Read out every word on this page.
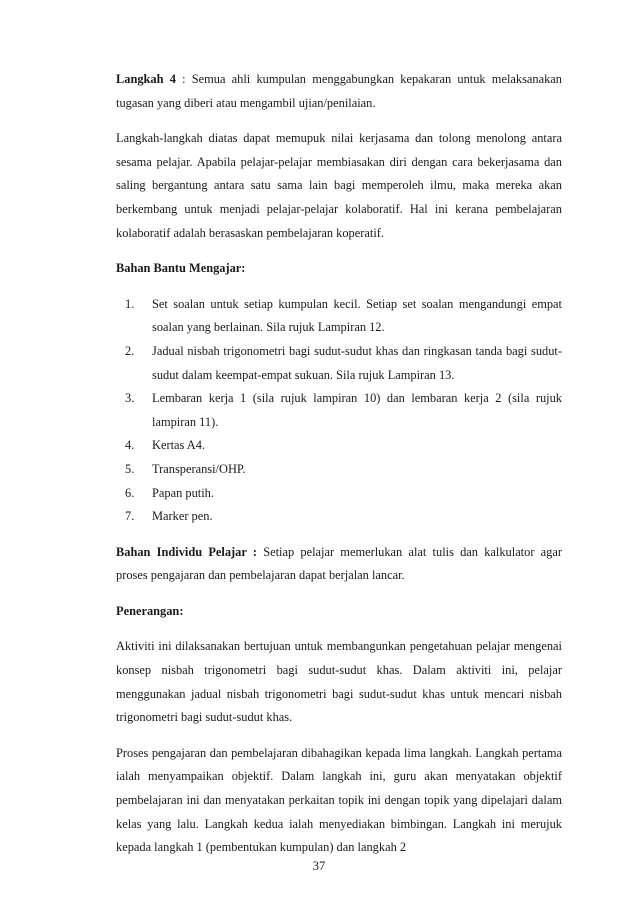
Langkah 4 : Semua ahli kumpulan menggabungkan kepakaran untuk melaksanakan tugasan yang diberi atau mengambil ujian/penilaian.

Langkah-langkah diatas dapat memupuk nilai kerjasama dan tolong menolong antara sesama pelajar. Apabila pelajar-pelajar membiasakan diri dengan cara bekerjasama dan saling bergantung antara satu sama lain bagi memperoleh ilmu, maka mereka akan berkembang untuk menjadi pelajar-pelajar kolaboratif. Hal ini kerana pembelajaran kolaboratif adalah berasaskan pembelajaran koperatif.

Bahan Bantu Mengajar:
1. Set soalan untuk setiap kumpulan kecil. Setiap set soalan mengandungi empat soalan yang berlainan. Sila rujuk Lampiran 12.
2. Jadual nisbah trigonometri bagi sudut-sudut khas dan ringkasan tanda bagi sudut-sudut dalam keempat-empat sukuan. Sila rujuk Lampiran 13.
3. Lembaran kerja 1 (sila rujuk lampiran 10) dan lembaran kerja 2 (sila rujuk lampiran 11).
4. Kertas A4.
5. Transperansi/OHP.
6. Papan putih.
7. Marker pen.

Bahan Individu Pelajar : Setiap pelajar memerlukan alat tulis dan kalkulator agar proses pengajaran dan pembelajaran dapat berjalan lancar.

Penerangan:

Aktiviti ini dilaksanakan bertujuan untuk membangunkan pengetahuan pelajar mengenai konsep nisbah trigonometri bagi sudut-sudut khas. Dalam aktiviti ini, pelajar menggunakan jadual nisbah trigonometri bagi sudut-sudut khas untuk mencari nisbah trigonometri bagi sudut-sudut khas.

Proses pengajaran dan pembelajaran dibahagikan kepada lima langkah. Langkah pertama ialah menyampaikan objektif. Dalam langkah ini, guru akan menyatakan objektif pembelajaran ini dan menyatakan perkaitan topik ini dengan topik yang dipelajari dalam kelas yang lalu. Langkah kedua ialah menyediakan bimbingan. Langkah ini merujuk kepada langkah 1 (pembentukan kumpulan) dan langkah 2

37
